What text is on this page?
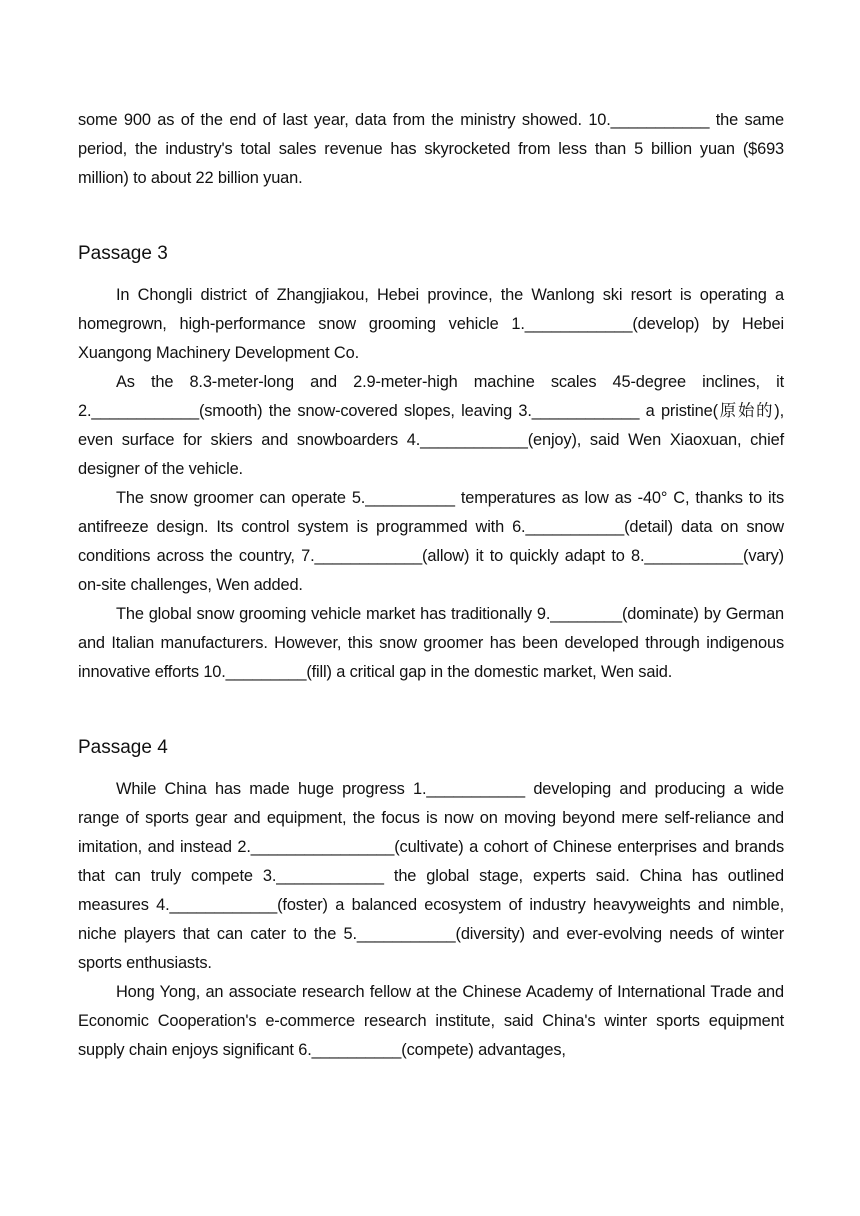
some 900 as of the end of last year, data from the ministry showed. 10.___________ the same period, the industry's total sales revenue has skyrocketed from less than 5 billion yuan ($693 million) to about 22 billion yuan.

Passage 3

In Chongli district of Zhangjiakou, Hebei province, the Wanlong ski resort is operating a homegrown, high-performance snow grooming vehicle 1.____________(develop) by Hebei Xuangong Machinery Development Co.

As the 8.3-meter-long and 2.9-meter-high machine scales 45-degree inclines, it 2.____________(smooth) the snow-covered slopes, leaving 3.____________ a pristine(原始的), even surface for skiers and snowboarders 4.____________(enjoy), said Wen Xiaoxuan, chief designer of the vehicle.

The snow groomer can operate 5.__________ temperatures as low as -40° C, thanks to its antifreeze design. Its control system is programmed with 6.___________(detail) data on snow conditions across the country, 7.____________(allow) it to quickly adapt to 8.___________(vary) on-site challenges, Wen added.

The global snow grooming vehicle market has traditionally 9.________(dominate) by German and Italian manufacturers. However, this snow groomer has been developed through indigenous innovative efforts 10._________(fill) a critical gap in the domestic market, Wen said.

Passage 4

While China has made huge progress 1.___________ developing and producing a wide range of sports gear and equipment, the focus is now on moving beyond mere self-reliance and imitation, and instead 2.________________(cultivate) a cohort of Chinese enterprises and brands that can truly compete 3.____________ the global stage, experts said. China has outlined measures 4.____________(foster) a balanced ecosystem of industry heavyweights and nimble, niche players that can cater to the 5.___________(diversity) and ever-evolving needs of winter sports enthusiasts.

Hong Yong, an associate research fellow at the Chinese Academy of International Trade and Economic Cooperation's e-commerce research institute, said China's winter sports equipment supply chain enjoys significant 6.__________(compete) advantages,
